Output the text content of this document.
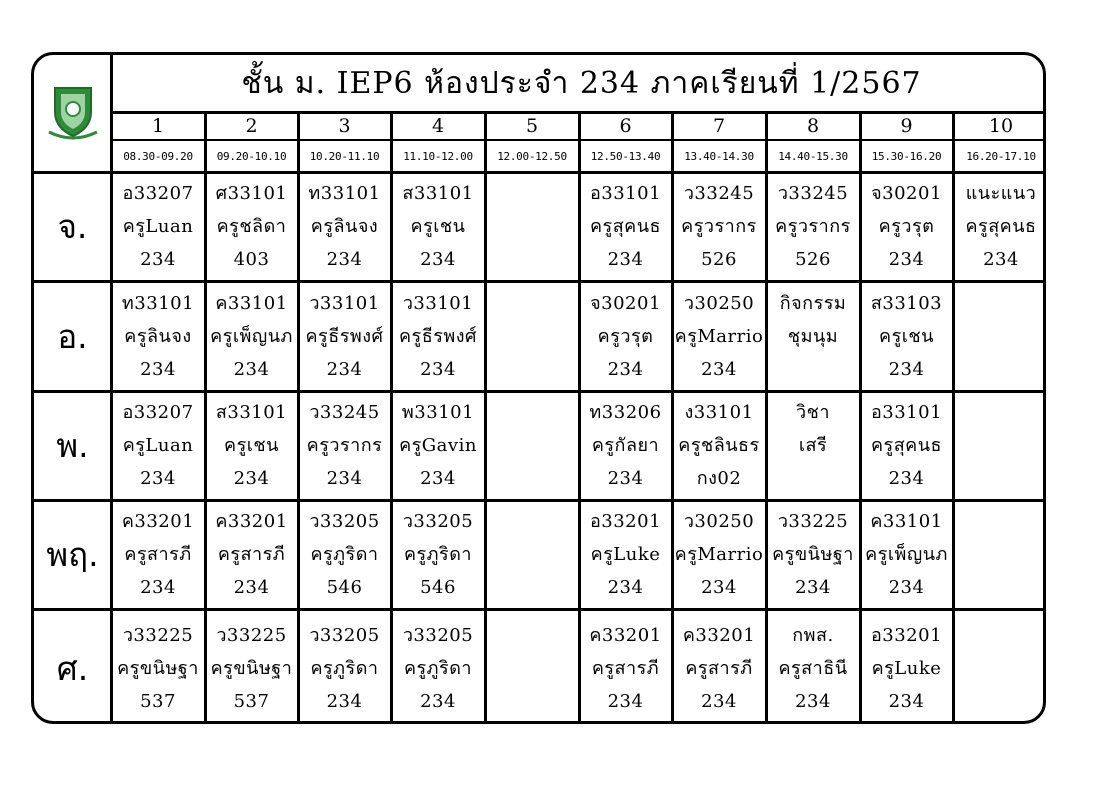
ชั้น ม. IEP6 ห้องประจำ 234 ภาคเรียนที่ 1/2567
1
08.30-09.20
2
09.20-10.10
3
10.20-11.10
4
11.10-12.00
5
12.00-12.50
6
12.50-13.40
7
13.40-14.30
8
14.40-15.30
9
15.30-16.20
10
16.20-17.10
จ.
อ33207
ครูLuan
234
ศ33101
ครูชลิดา
403
ท33101
ครูลินจง
234
ส33101
ครูเชน
234
อ33101
ครูสุคนธ
234
ว33245
ครูวรากร
526
ว33245
ครูวรากร
526
จ30201
ครูวรุต
234
แนะแนว
ครูสุคนธ
234
อ.
ท33101
ครูลินจง
234
ค33101
ครูเพ็ญนภ
234
ว33101
ครูธีรพงศ์
234
ว33101
ครูธีรพงศ์
234
จ30201
ครูวรุต
234
ว30250
ครูMarrio
234
กิจกรรม
ชุมนุม
ส33103
ครูเชน
234
พ.
อ33207
ครูLuan
234
ส33101
ครูเชน
234
ว33245
ครูวรากร
234
พ33101
ครูGavin
234
ท33206
ครูกัลยา
234
ง33101
ครูชลินธร
กง02
วิชา
เสรี
อ33101
ครูสุคนธ
234
พฤ.
ค33201
ครูสารภี
234
ค33201
ครูสารภี
234
ว33205
ครูภูริดา
546
ว33205
ครูภูริดา
546
อ33201
ครูLuke
234
ว30250
ครูMarrio
234
ว33225
ครูขนิษฐา
234
ค33101
ครูเพ็ญนภ
234
ศ.
ว33225
ครูขนิษฐา
537
ว33225
ครูขนิษฐา
537
ว33205
ครูภูริดา
234
ว33205
ครูภูริดา
234
ค33201
ครูสารภี
234
ค33201
ครูสารภี
234
กพส.
ครูสาธินี
234
อ33201
ครูLuke
234
